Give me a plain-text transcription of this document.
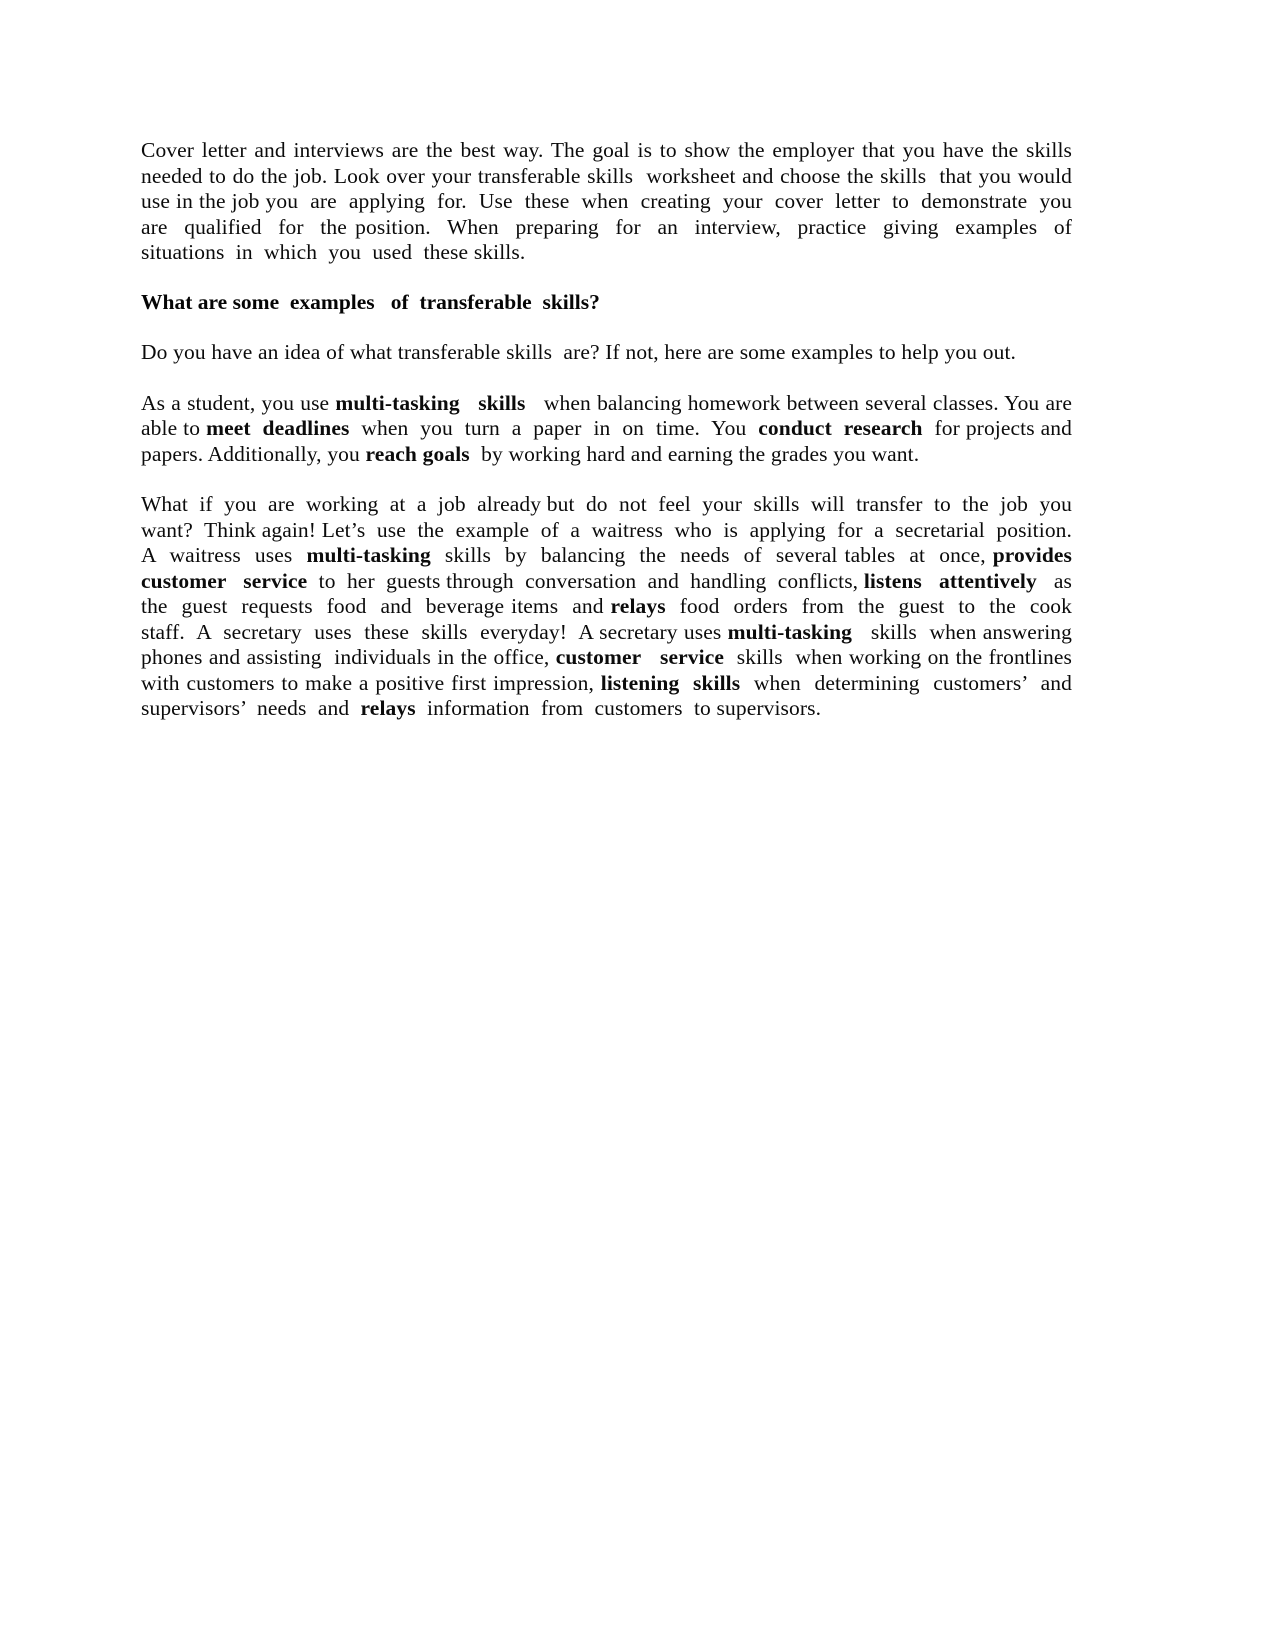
Cover letter and interviews are the best way. The goal is to show the employer that you have the skills  needed to do the job. Look over your transferable skills  worksheet and choose the skills  that you would use in the job you  are  applying  for.  Use  these  when  creating  your  cover  letter  to  demonstrate  you  are  qualified  for  the position.  When  preparing  for  an  interview,  practice  giving  examples  of  situations  in  which  you  used  these skills.

What are some  examples   of  transferable  skills?

Do you have an idea of what transferable skills  are? If not, here are some examples to help you out.

As a student, you use multi-tasking skills   when balancing homework between several classes. You are able to meet  deadlines  when  you  turn  a  paper  in  on  time.  You  conduct  research  for projects and papers. Additionally, you reach goals  by working hard and earning the grades you want.

What  if  you  are  working  at  a  job  already but  do  not  feel  your  skills  will  transfer  to  the  job  you  want?  Think again! Let’s  use  the  example  of  a  waitress  who  is  applying  for  a  secretarial  position.  A  waitress  uses  multi-tasking  skills  by  balancing  the  needs  of  several tables  at  once, provides  customer   service  to  her  guests through  conversation  and  handling  conflicts, listens   attentively   as  the  guest  requests  food  and  beverage items  and relays  food  orders  from  the  guest  to  the  cook  staff.  A  secretary  uses  these  skills  everyday!  A secretary uses multi-tasking   skills  when answering phones and assisting  individuals in the office, customer   service  skills  when working on the frontlines with customers to make a positive first impression, listening  skills  when  determining  customers’  and  supervisors’  needs  and  relays  information  from  customers  to supervisors.
